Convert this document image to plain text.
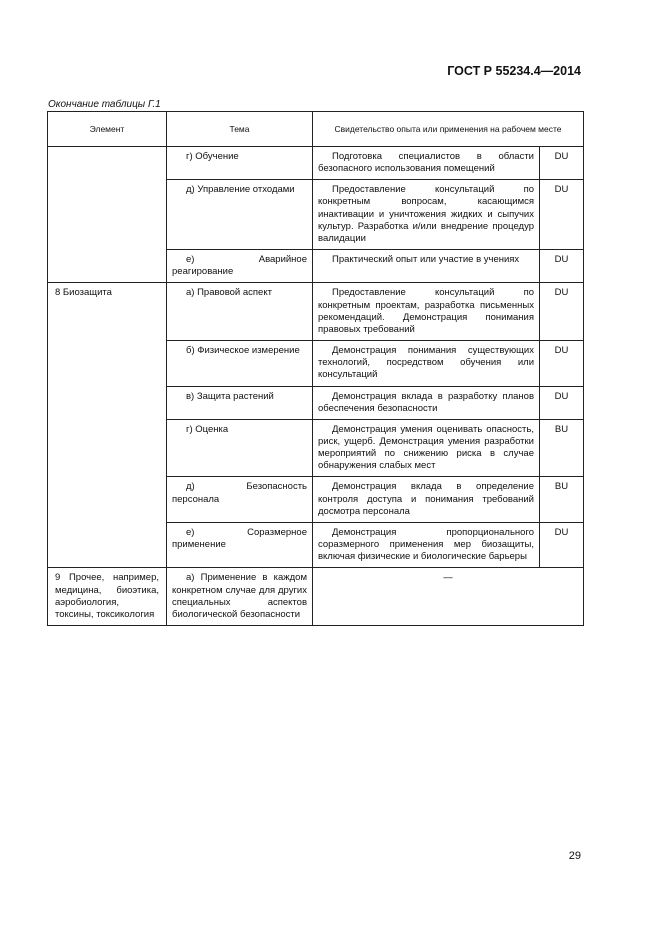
ГОСТ Р 55234.4—2014
Окончание таблицы Г.1
Элемент	Тема	Свидетельство опыта или применения на рабочем месте	
	г) Обучение	Подготовка специалистов в области безопасного использования помещений	DU
	д) Управление отходами	Предоставление консультаций по конкретным вопросам, касающимся инактивации и уничтожения жидких и сыпучих культур. Разработка и/или внедрение процедур валидации	DU
	е) Аварийное реагирование	Практический опыт или участие в учениях	DU
8 Биозащита	а) Правовой аспект	Предоставление консультаций по конкретным проектам, разработка письменных рекомендаций. Демонстрация понимания правовых требований	DU
	б) Физическое измерение	Демонстрация понимания существующих технологий, посредством обучения или консультаций	DU
	в) Защита растений	Демонстрация вклада в разработку планов обеспечения безопасности	DU
	г) Оценка	Демонстрация умения оценивать опасность, риск, ущерб. Демонстрация умения разработки мероприятий по снижению риска в случае обнаружения слабых мест	BU
	д) Безопасность персонала	Демонстрация вклада в определение контроля доступа и понимания требований досмотра персонала	BU
	е) Соразмерное применение	Демонстрация пропорционального соразмерного применения мер биозащиты, включая физические и биологические барьеры	DU
9 Прочее, например, медицина, биоэтика, аэробиология, токсины, токсикология	а) Применение в каждом конкретном случае для других специальных аспектов биологической безопасности	—	
29
